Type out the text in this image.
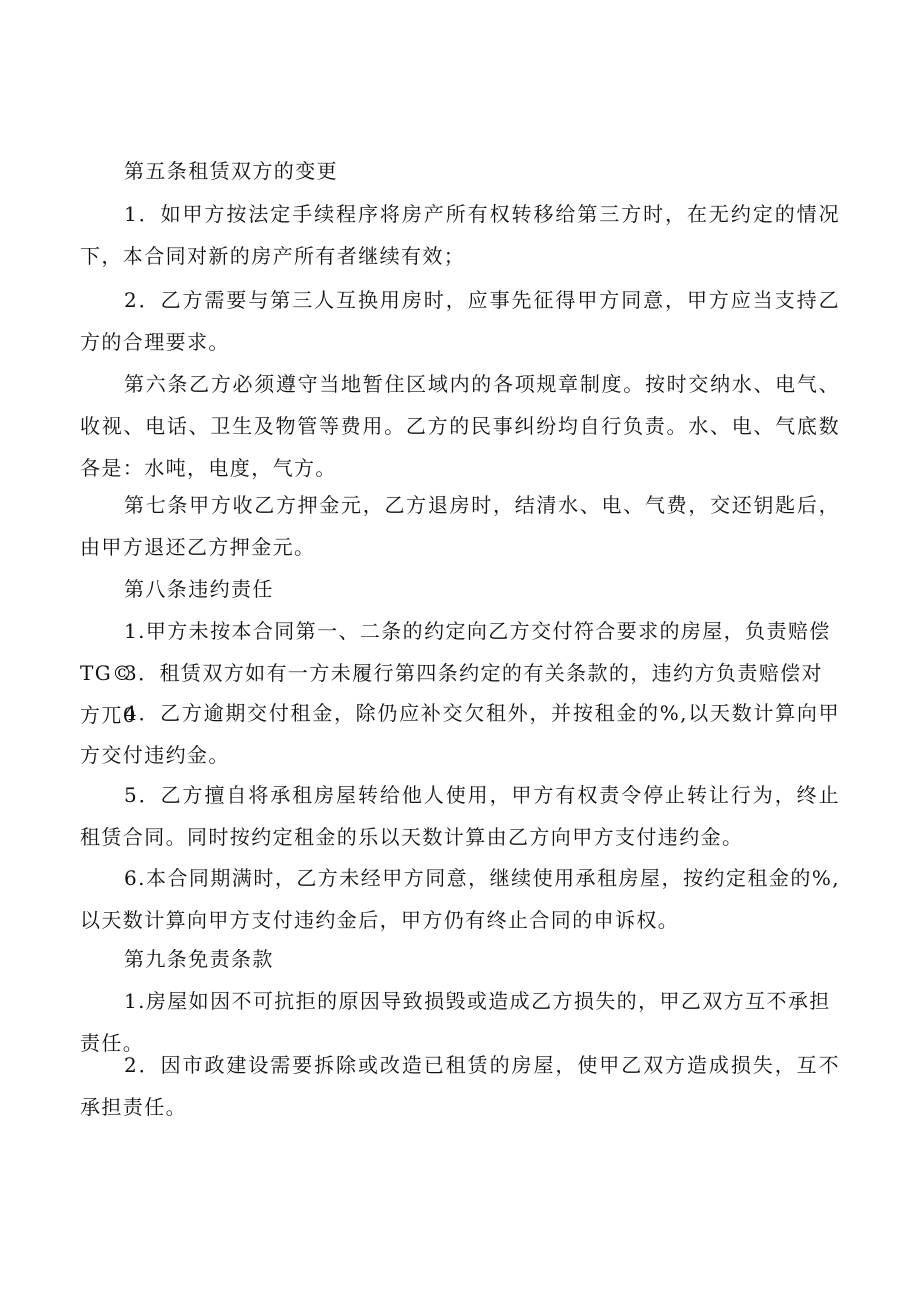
第五条租赁双方的变更

1．如甲方按法定手续程序将房产所有权转移给第三方时，在无约定的情况下，本合同对新的房产所有者继续有效；

2．乙方需要与第三人互换用房时，应事先征得甲方同意，甲方应当支持乙方的合理要求。

第六条乙方必须遵守当地暂住区域内的各项规章制度。按时交纳水、电气、收视、电话、卫生及物管等费用。乙方的民事纠纷均自行负责。水、电、气底数各是：水吨，电度，气方。

第七条甲方收乙方押金元，乙方退房时，结清水、电、气费，交还钥匙后，由甲方退还乙方押金元。

第八条违约责任

1.甲方未按本合同第一、二条的约定向乙方交付符合要求的房屋，负责赔偿TG©

3．租赁双方如有一方未履行第四条约定的有关条款的，违约方负责赔偿对方兀0

4．乙方逾期交付租金，除仍应补交欠租外，并按租金的%,以天数计算向甲方交付违约金。

5．乙方擅自将承租房屋转给他人使用，甲方有权责令停止转让行为，终止租赁合同。同时按约定租金的乐以天数计算由乙方向甲方支付违约金。

6.本合同期满时，乙方未经甲方同意，继续使用承租房屋，按约定租金的%,以天数计算向甲方支付违约金后，甲方仍有终止合同的申诉权。

第九条免责条款

1.房屋如因不可抗拒的原因导致损毁或造成乙方损失的，甲乙双方互不承担责任。

2．因市政建设需要拆除或改造已租赁的房屋，使甲乙双方造成损失，互不承担责任。
